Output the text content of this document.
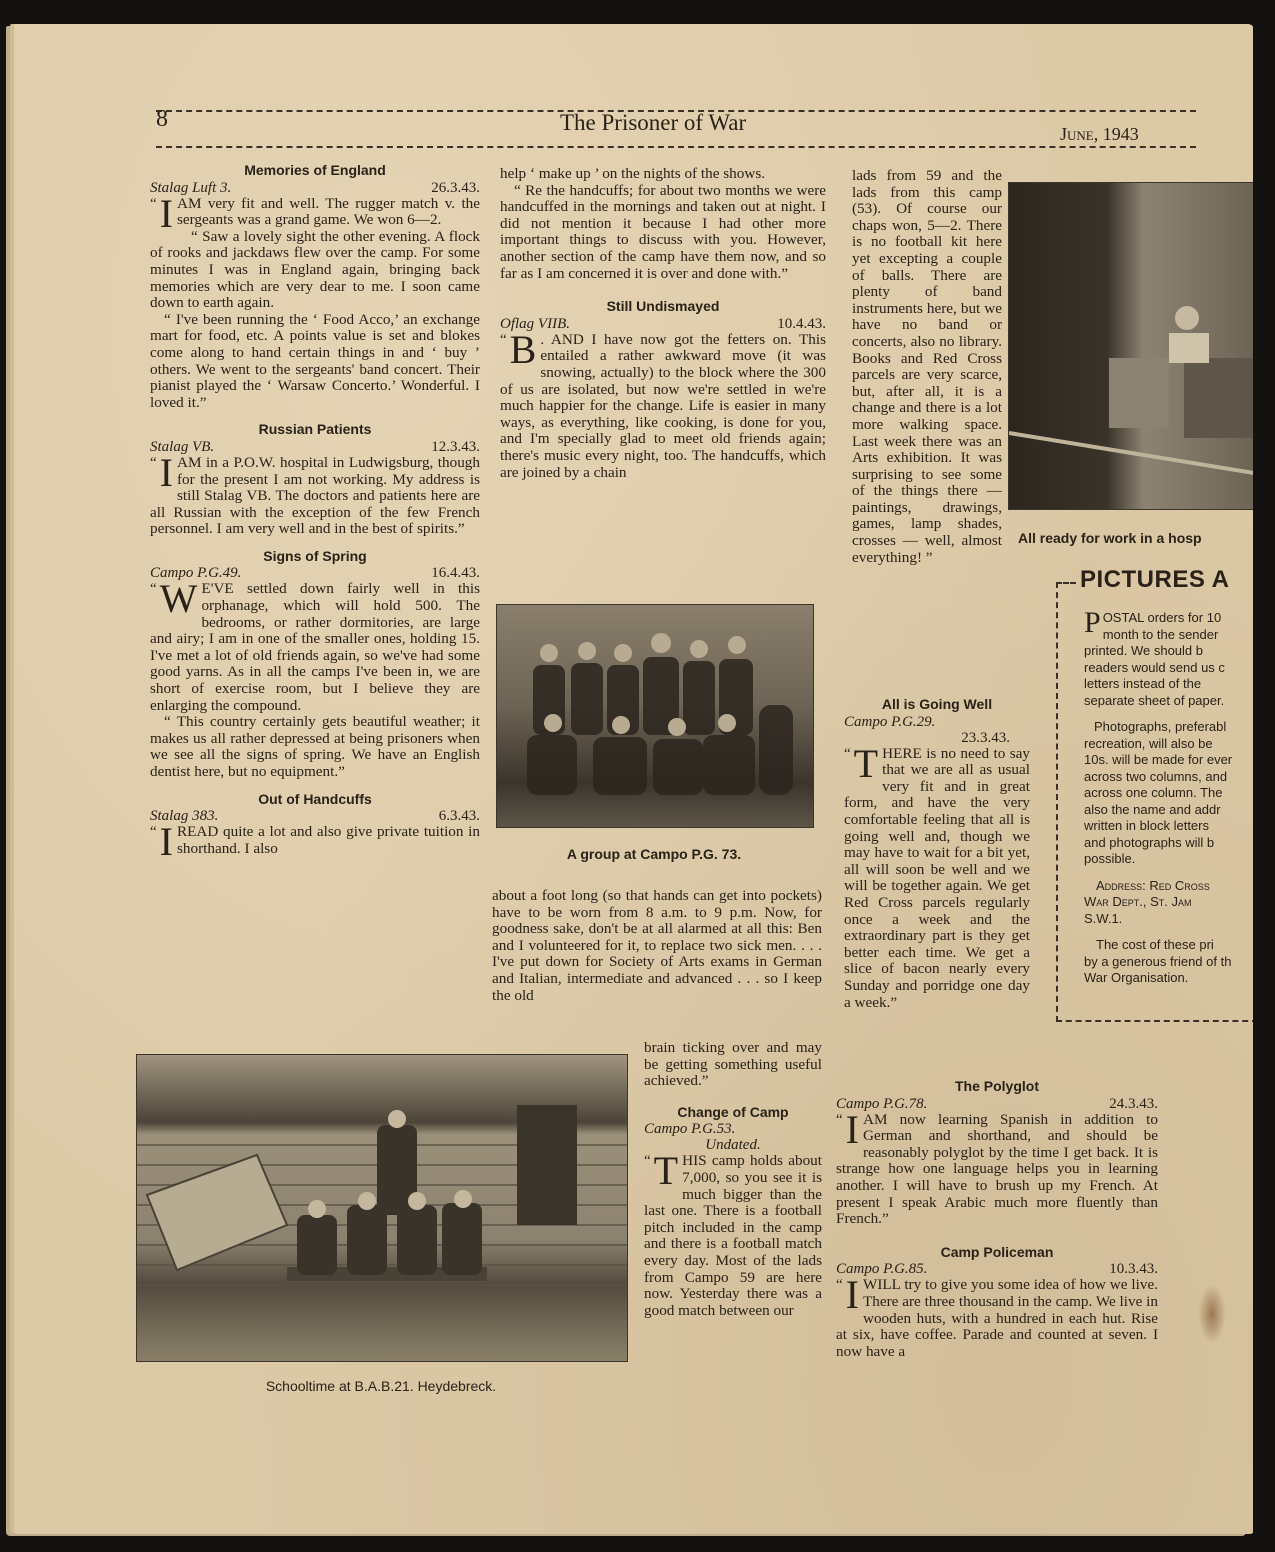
8	The Prisoner of War	June, 1943
Memories of England
Stalag Luft 3.	26.3.43.

“ I AM very fit and well. The rugger match v. the sergeants was a grand game. We won 6—2.

“ Saw a lovely sight the other evening. A flock of rooks and jackdaws flew over the camp. For some minutes I was in England again, bringing back memories which are very dear to me. I soon came down to earth again.

“ I've been running the ‘ Food Acco,’ an exchange mart for food, etc. A points value is set and blokes come along to hand certain things in and ‘ buy ’ others. We went to the sergeants' band concert. Their pianist played the ‘ Warsaw Concerto.’ Wonderful. I loved it.”

Russian Patients
Stalag VB.	12.3.43.

“ I AM in a P.O.W. hospital in Ludwigsburg, though for the present I am not working. My address is still Stalag VB. The doctors and patients here are all Russian with the exception of the few French personnel. I am very well and in the best of spirits.”

Signs of Spring
Campo P.G.49.	16.4.43.

“ W E'VE settled down fairly well in this orphanage, which will hold 500. The bedrooms, or rather dormitories, are large and airy; I am in one of the smaller ones, holding 15. I've met a lot of old friends again, so we've had some good yarns. As in all the camps I've been in, we are short of exercise room, but I believe they are enlarging the compound.

“ This country certainly gets beautiful weather; it makes us all rather depressed at being prisoners when we see all the signs of spring. We have an English dentist here, but no equipment.”

Out of Handcuffs
Stalag 383.	6.3.43.

“ I READ quite a lot and also give private tuition in shorthand. I also

help ‘ make up ’ on the nights of the shows.

“ Re the handcuffs; for about two months we were handcuffed in the mornings and taken out at night. I did not mention it because I had other more important things to discuss with you. However, another section of the camp have them now, and so far as I am concerned it is over and done with.”

Still Undismayed
Oflag VIIB.	10.4.43.

“ B . AND I have now got the fetters on. This entailed a rather awkward move (it was snowing, actually) to the block where the 300 of us are isolated, but now we're settled in we're much happier for the change. Life is easier in many ways, as everything, like cooking, is done for you, and I'm specially glad to meet old friends again; there's music every night, too. The handcuffs, which are joined by a chain

A group at Campo P.G. 73.

about a foot long (so that hands can get into pockets) have to be worn from 8 a.m. to 9 p.m. Now, for goodness sake, don't be at all alarmed at all this: Ben and I volunteered for it, to replace two sick men. . . . I've put down for Society of Arts exams in German and Italian, intermediate and advanced . . . so I keep the old

brain ticking over and may be getting something useful achieved.”

Change of Camp
Campo P.G.53.
Undated.

“ T HIS camp holds about 7,000, so you see it is much bigger than the last one. There is a football pitch included in the camp and there is a football match every day. Most of the lads from Campo 59 are here now. Yesterday there was a good match between our

Schooltime at B.A.B.21. Heydebreck.

lads from 59 and the lads from this camp (53). Of course our chaps won, 5—2. There is no football kit here yet excepting a couple of balls. There are plenty of band instruments here, but we have no band or concerts, also no library. Books and Red Cross parcels are very scarce, but, after all, it is a change and there is a lot more walking space. Last week there was an Arts exhibition. It was surprising to see some of the things there — paintings, drawings, games, lamp shades, crosses — well, almost everything! ”

All ready for work in a hosp
All is Going Well
Campo P.G.29.
23.3.43.

“ T HERE is no need to say that we are all as usual very fit and in great form, and have the very comfortable feeling that all is going well and, though we may have to wait for a bit yet, all will soon be well and we will be together again. We get Red Cross parcels regularly once a week and the extraordinary part is they get better each time. We get a slice of bacon nearly every Sunday and porridge one day a week.”

PICTURES A
P OSTAL orders for 10
month to the sender
printed. We should b
readers would send us c
letters instead of the
separate sheet of paper.
Photographs, preferabl
recreation, will also be
10s. will be made for ever
across two columns, and
across one column. The
also the name and addr
written in block letters
and photographs will b
possible.
Address: Red Cross
War Dept., St. Jam
S.W.1.
The cost of these pri
by a generous friend of th
War Organisation.
The Polyglot
Campo P.G.78.	24.3.43.

“ I AM now learning Spanish in addition to German and shorthand, and should be reasonably polyglot by the time I get back. It is strange how one language helps you in learning another. I will have to brush up my French. At present I speak Arabic much more fluently than French.”

Camp Policeman
Campo P.G.85.	10.3.43.

“ I WILL try to give you some idea of how we live. There are three thousand in the camp. We live in wooden huts, with a hundred in each hut. Rise at six, have coffee. Parade and counted at seven. I now have a
